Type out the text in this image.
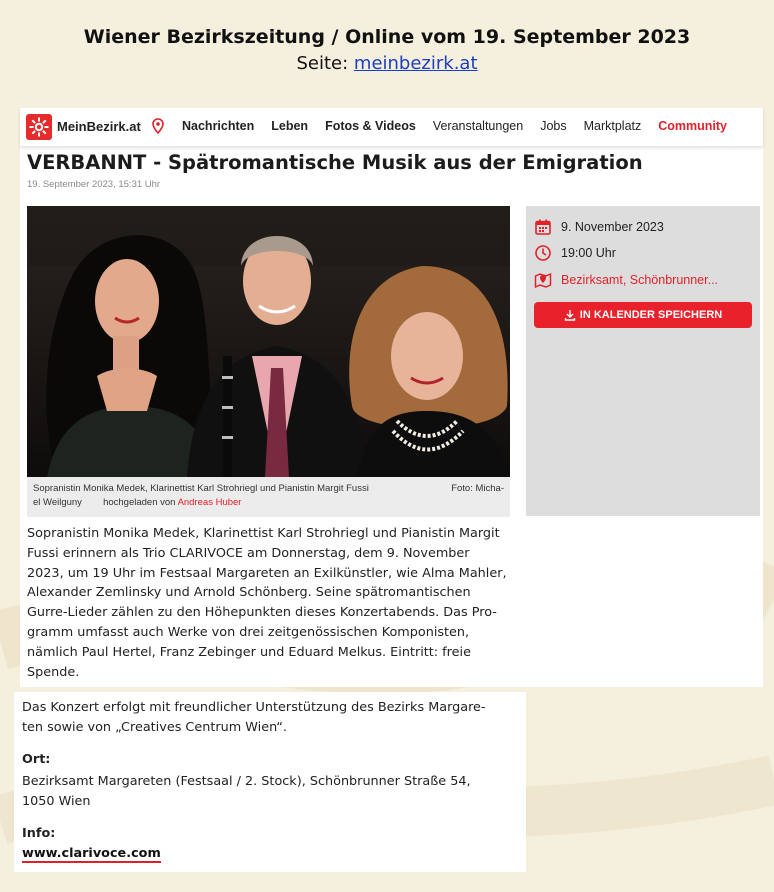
Wiener Bezirkszeitung / Online vom 19. September 2023
Seite: meinbezirk.at
MeinBezirk.at	Nachrichten Leben Fotos & Videos Veranstaltungen Jobs Marktplatz Community
VERBANNT - Spätromantische Musik aus der Emigration
19. September 2023, 15:31 Uhr
Sopranistin Monika Medek, Klarinettist Karl Strohriegl und Pianistin Margit Fussi	Foto: Micha-
el Weilguny hochgeladen von Andreas Huber
Sopranistin Monika Medek, Klarinettist Karl Strohriegl und Pianistin Margit
Fussi erinnern als Trio CLARIVOCE am Donnerstag, dem 9. November
2023, um 19 Uhr im Festsaal Margareten an Exilkünstler, wie Alma Mahler,
Alexander Zemlinsky und Arnold Schönberg. Seine spätromantischen
Gurre-Lieder zählen zu den Höhepunkten dieses Konzertabends. Das Pro-
gramm umfasst auch Werke von drei zeitgenössischen Komponisten,
nämlich Paul Hertel, Franz Zebinger und Eduard Melkus. Eintritt: freie
Spende.
9. November 2023
19:00 Uhr
Bezirksamt, Schönbrunner...
IN KALENDER SPEICHERN
Das Konzert erfolgt mit freundlicher Unterstützung des Bezirks Margare-
ten sowie von „Creatives Centrum Wien“.
Ort:
Bezirksamt Margareten (Festsaal / 2. Stock), Schönbrunner Straße 54,
1050 Wien
Info:
www.clarivoce.com
